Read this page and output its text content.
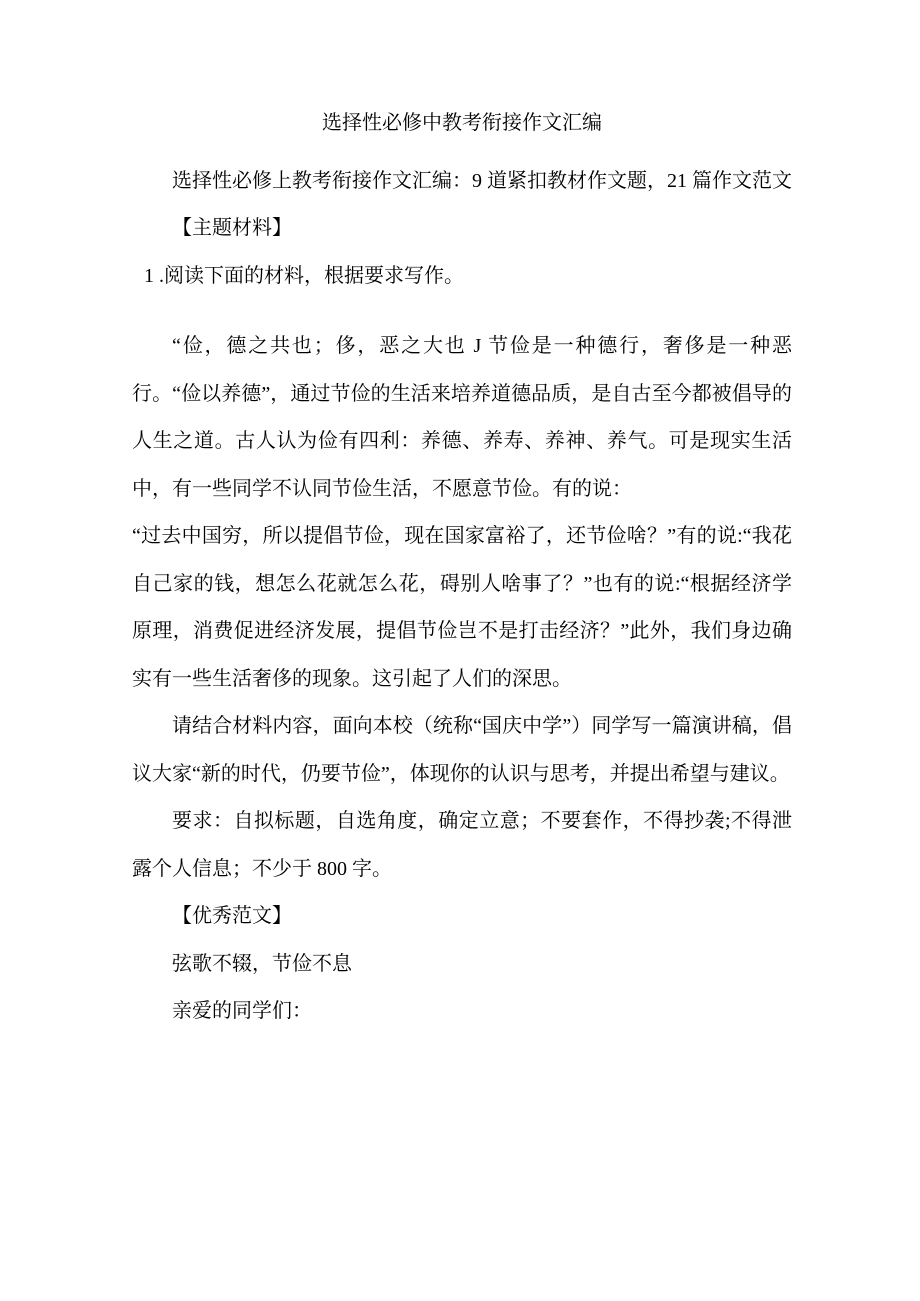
选择性必修中教考衔接作文汇编

选择性必修上教考衔接作文汇编：9 道紧扣教材作文题，21 篇作文范文

【主题材料】

1 .阅读下面的材料，根据要求写作。

“俭，德之共也；侈，恶之大也 J 节俭是一种德行，奢侈是一种恶行。“俭以养德”，通过节俭的生活来培养道德品质，是自古至今都被倡导的人生之道。古人认为俭有四利：养德、养寿、养神、养气。可是现实生活中，有一些同学不认同节俭生活，不愿意节俭。有的说：

“过去中国穷，所以提倡节俭，现在国家富裕了，还节俭啥？”有的说:“我花自己家的钱，想怎么花就怎么花，碍别人啥事了？”也有的说:“根据经济学原理，消费促进经济发展，提倡节俭岂不是打击经济？”此外，我们身边确实有一些生活奢侈的现象。这引起了人们的深思。

请结合材料内容，面向本校（统称“国庆中学”）同学写一篇演讲稿，倡议大家“新的时代，仍要节俭”，体现你的认识与思考，并提出希望与建议。

要求：自拟标题，自选角度，确定立意；不要套作，不得抄袭;不得泄露个人信息；不少于 800 字。

【优秀范文】

弦歌不辍，节俭不息

亲爱的同学们：
